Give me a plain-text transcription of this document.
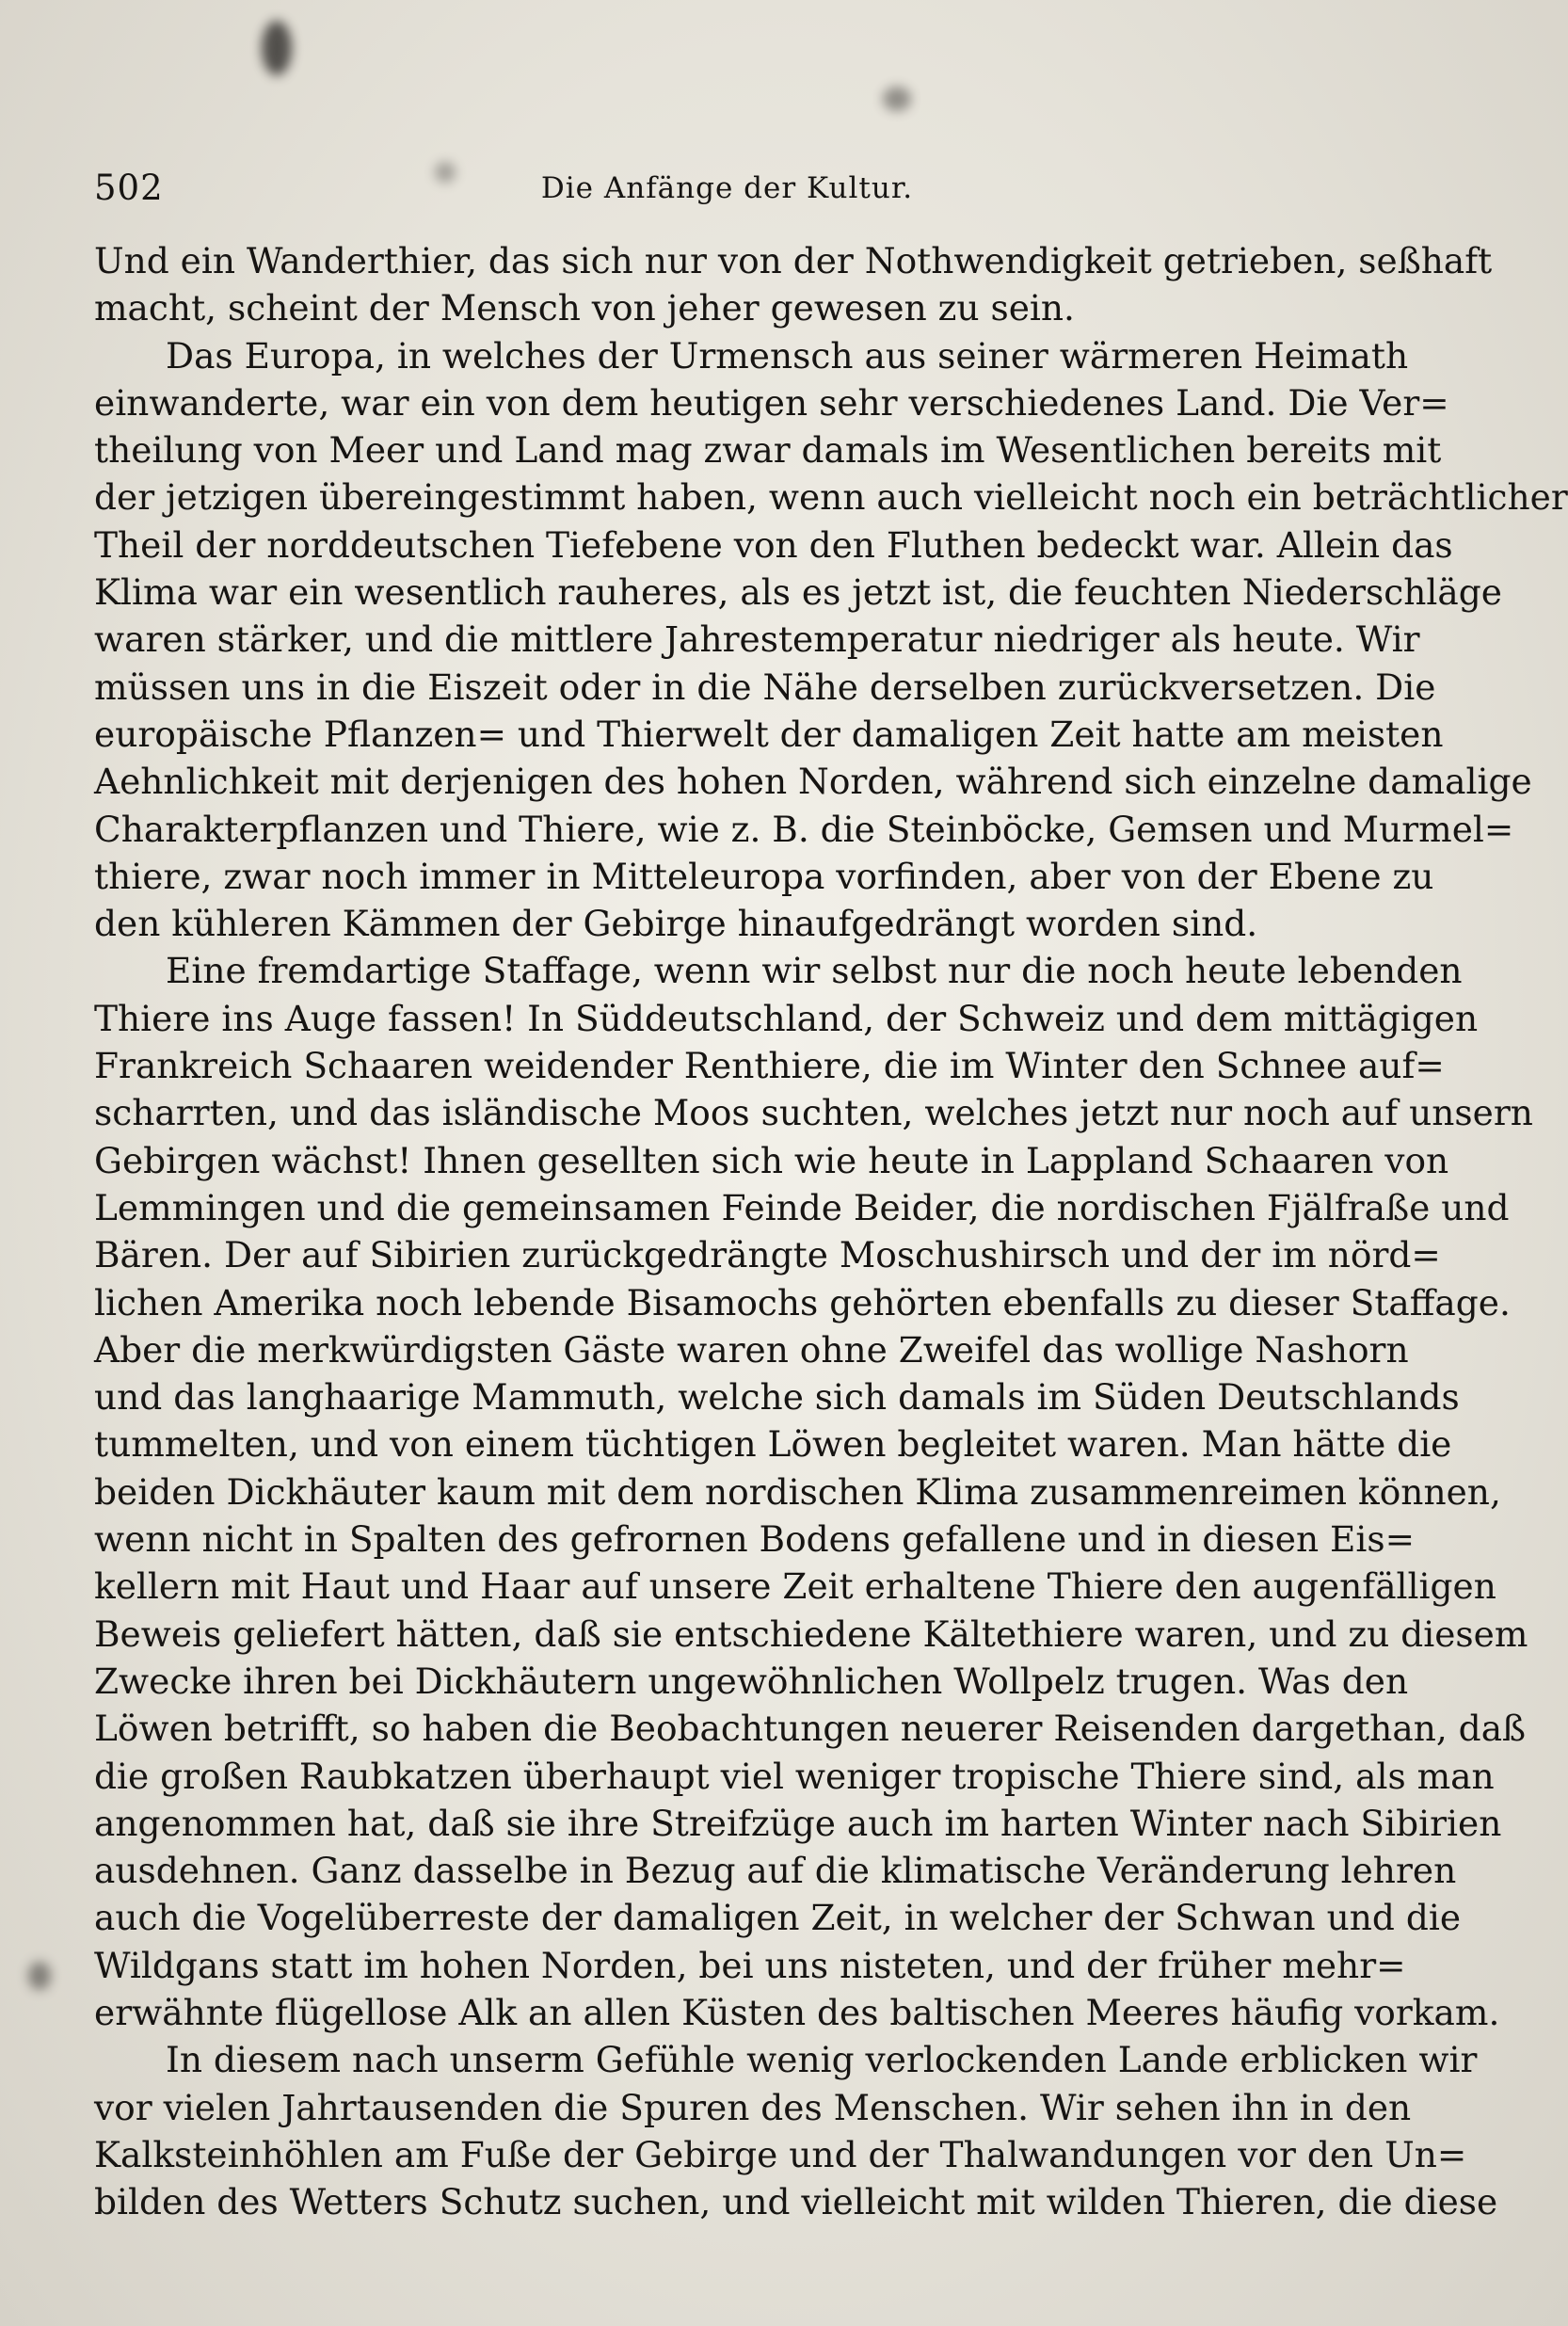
502	Die Anfänge der Kultur.
Und ein Wanderthier, das sich nur von der Nothwendigkeit getrieben, seßhaft
macht, scheint der Mensch von jeher gewesen zu sein.
Das Europa, in welches der Urmensch aus seiner wärmeren Heimath
einwanderte, war ein von dem heutigen sehr verschiedenes Land. Die Ver=
theilung von Meer und Land mag zwar damals im Wesentlichen bereits mit
der jetzigen übereingestimmt haben, wenn auch vielleicht noch ein beträchtlicher
Theil der norddeutschen Tiefebene von den Fluthen bedeckt war. Allein das
Klima war ein wesentlich rauheres, als es jetzt ist, die feuchten Niederschläge
waren stärker, und die mittlere Jahrestemperatur niedriger als heute. Wir
müssen uns in die Eiszeit oder in die Nähe derselben zurückversetzen. Die
europäische Pflanzen= und Thierwelt der damaligen Zeit hatte am meisten
Aehnlichkeit mit derjenigen des hohen Norden, während sich einzelne damalige
Charakterpflanzen und Thiere, wie z. B. die Steinböcke, Gemsen und Murmel=
thiere, zwar noch immer in Mitteleuropa vorfinden, aber von der Ebene zu
den kühleren Kämmen der Gebirge hinaufgedrängt worden sind.
Eine fremdartige Staffage, wenn wir selbst nur die noch heute lebenden
Thiere ins Auge fassen! In Süddeutschland, der Schweiz und dem mittägigen
Frankreich Schaaren weidender Renthiere, die im Winter den Schnee auf=
scharrten, und das isländische Moos suchten, welches jetzt nur noch auf unsern
Gebirgen wächst! Ihnen gesellten sich wie heute in Lappland Schaaren von
Lemmingen und die gemeinsamen Feinde Beider, die nordischen Fjälfraße und
Bären. Der auf Sibirien zurückgedrängte Moschushirsch und der im nörd=
lichen Amerika noch lebende Bisamochs gehörten ebenfalls zu dieser Staffage.
Aber die merkwürdigsten Gäste waren ohne Zweifel das wollige Nashorn
und das langhaarige Mammuth, welche sich damals im Süden Deutschlands
tummelten, und von einem tüchtigen Löwen begleitet waren. Man hätte die
beiden Dickhäuter kaum mit dem nordischen Klima zusammenreimen können,
wenn nicht in Spalten des gefrornen Bodens gefallene und in diesen Eis=
kellern mit Haut und Haar auf unsere Zeit erhaltene Thiere den augenfälligen
Beweis geliefert hätten, daß sie entschiedene Kältethiere waren, und zu diesem
Zwecke ihren bei Dickhäutern ungewöhnlichen Wollpelz trugen. Was den
Löwen betrifft, so haben die Beobachtungen neuerer Reisenden dargethan, daß
die großen Raubkatzen überhaupt viel weniger tropische Thiere sind, als man
angenommen hat, daß sie ihre Streifzüge auch im harten Winter nach Sibirien
ausdehnen. Ganz dasselbe in Bezug auf die klimatische Veränderung lehren
auch die Vogelüberreste der damaligen Zeit, in welcher der Schwan und die
Wildgans statt im hohen Norden, bei uns nisteten, und der früher mehr=
erwähnte flügellose Alk an allen Küsten des baltischen Meeres häufig vorkam.
In diesem nach unserm Gefühle wenig verlockenden Lande erblicken wir
vor vielen Jahrtausenden die Spuren des Menschen. Wir sehen ihn in den
Kalksteinhöhlen am Fuße der Gebirge und der Thalwandungen vor den Un=
bilden des Wetters Schutz suchen, und vielleicht mit wilden Thieren, die diese
